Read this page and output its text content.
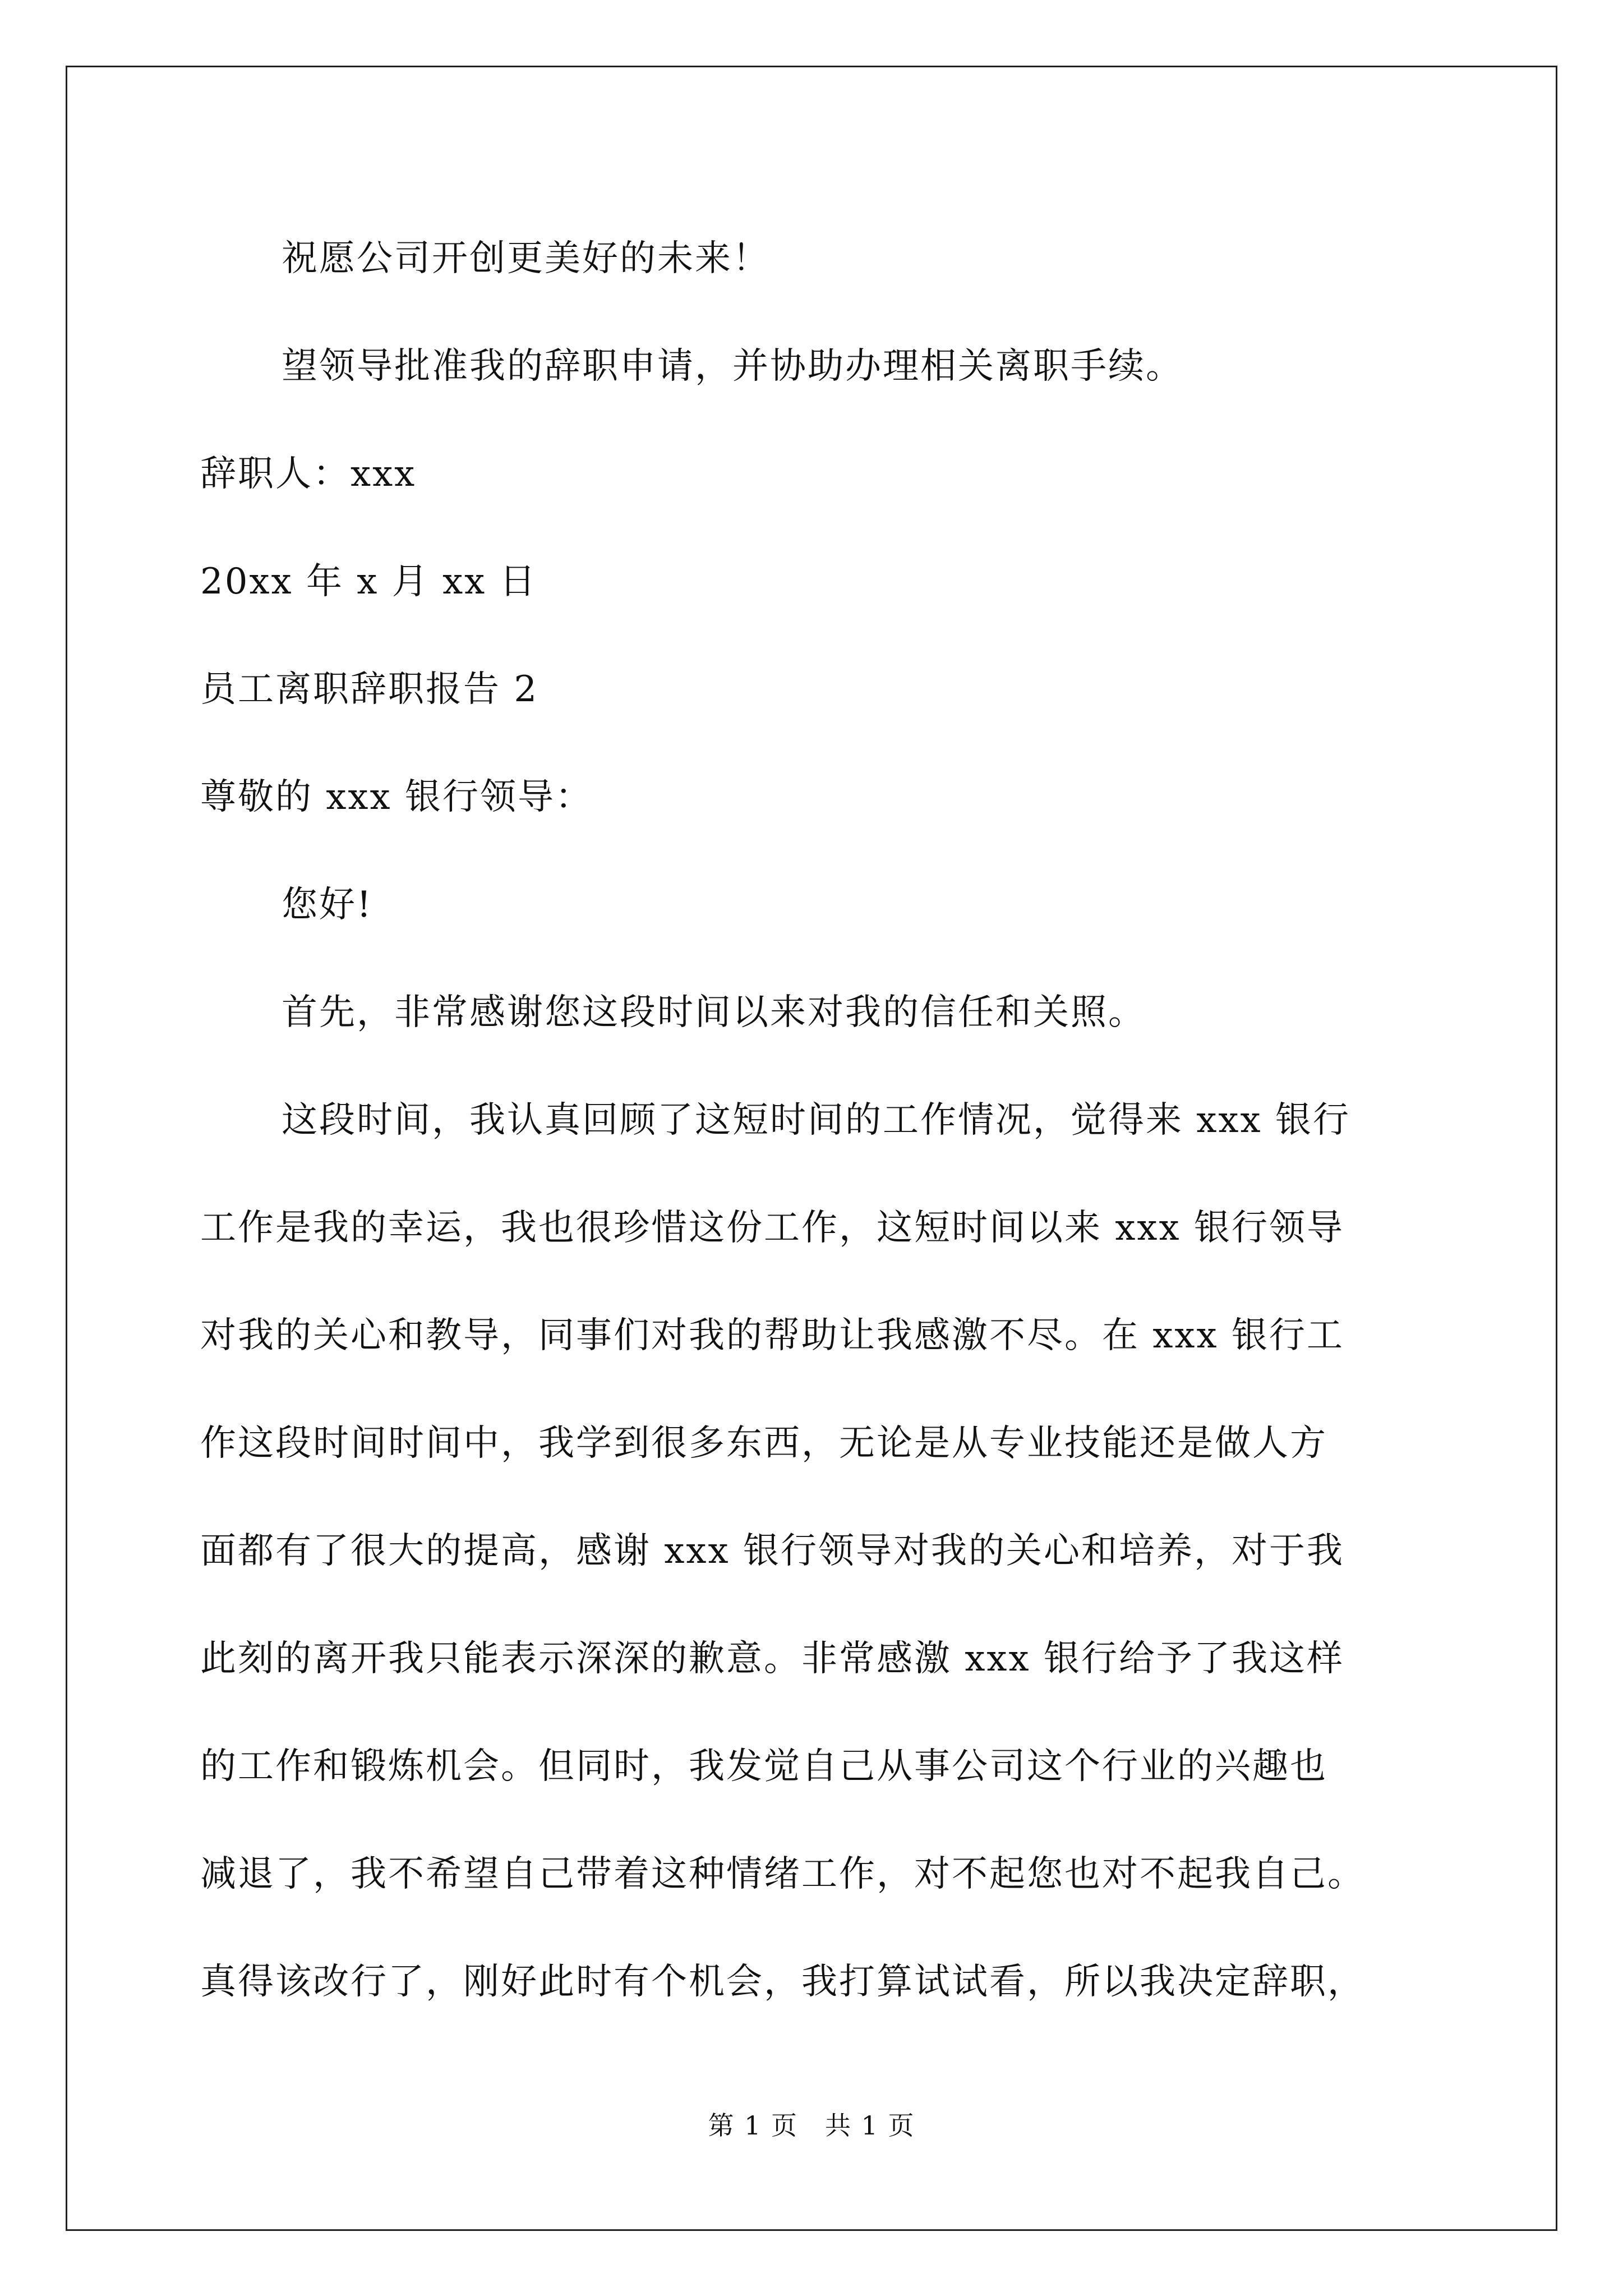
祝愿公司开创更美好的未来！
望领导批准我的辞职申请，并协助办理相关离职手续。
辞职人：xxx
20xx 年 x 月 xx 日
员工离职辞职报告 2
尊敬的 xxx 银行领导：
您好!
首先，非常感谢您这段时间以来对我的信任和关照。
这段时间，我认真回顾了这短时间的工作情况，觉得来 xxx 银行
工作是我的幸运，我也很珍惜这份工作，这短时间以来 xxx 银行领导
对我的关心和教导，同事们对我的帮助让我感激不尽。在 xxx 银行工
作这段时间时间中，我学到很多东西，无论是从专业技能还是做人方
面都有了很大的提高，感谢 xxx 银行领导对我的关心和培养，对于我
此刻的离开我只能表示深深的歉意。非常感激 xxx 银行给予了我这样
的工作和锻炼机会。但同时，我发觉自己从事公司这个行业的兴趣也
减退了，我不希望自己带着这种情绪工作，对不起您也对不起我自己。
真得该改行了，刚好此时有个机会，我打算试试看，所以我决定辞职，
第 1 页　共 1 页
